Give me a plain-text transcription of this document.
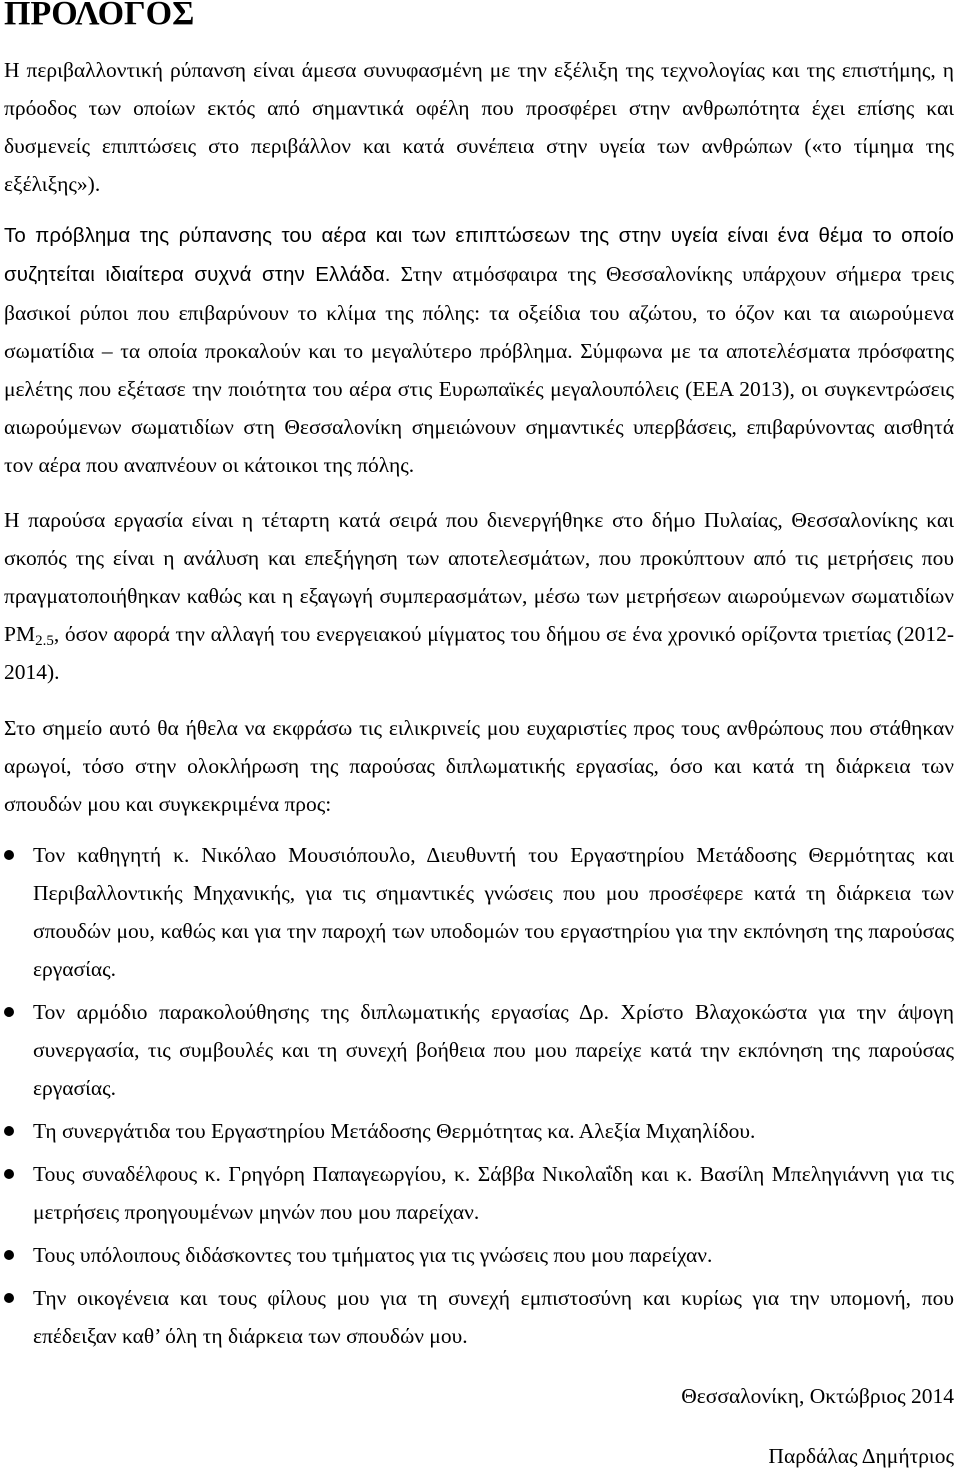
ΠΡΟΛΟΓΟΣ

Η περιβαλλοντική ρύπανση είναι άμεσα συνυφασμένη με την εξέλιξη της τεχνολογίας και της επιστήμης, η πρόοδος των οποίων εκτός από σημαντικά οφέλη που προσφέρει στην ανθρωπότητα έχει επίσης και δυσμενείς επιπτώσεις στο περιβάλλον και κατά συνέπεια στην υγεία των ανθρώπων («το τίμημα της εξέλιξης»).

Το πρόβλημα της ρύπανσης του αέρα και των επιπτώσεων της στην υγεία είναι ένα θέμα το οποίο συζητείται ιδιαίτερα συχνά στην Ελλάδα. Στην ατμόσφαιρα της Θεσσαλονίκης υπάρχουν σήμερα τρεις βασικοί ρύποι που επιβαρύνουν το κλίμα της πόλης: τα οξείδια του αζώτου, το όζον και τα αιωρούμενα σωματίδια – τα οποία προκαλούν και το μεγαλύτερο πρόβλημα. Σύμφωνα με τα αποτελέσματα πρόσφατης μελέτης που εξέτασε την ποιότητα του αέρα στις Ευρωπαϊκές μεγαλουπόλεις (ΕΕΑ 2013), οι συγκεντρώσεις αιωρούμενων σωματιδίων στη Θεσσαλονίκη σημειώνουν σημαντικές υπερβάσεις, επιβαρύνοντας αισθητά τον αέρα που αναπνέουν οι κάτοικοι της πόλης.

Η παρούσα εργασία είναι η τέταρτη κατά σειρά που διενεργήθηκε στο δήμο Πυλαίας, Θεσσαλονίκης και σκοπός της είναι η ανάλυση και επεξήγηση των αποτελεσμάτων, που προκύπτουν από τις μετρήσεις που πραγματοποιήθηκαν καθώς και η εξαγωγή συμπερασμάτων, μέσω των μετρήσεων αιωρούμενων σωματιδίων $PM_{2.5}$, όσον αφορά την αλλαγή του ενεργειακού μίγματος του δήμου σε ένα χρονικό ορίζοντα τριετίας (2012-2014).

Στο σημείο αυτό θα ήθελα να εκφράσω τις ειλικρινείς μου ευχαριστίες προς τους ανθρώπους που στάθηκαν αρωγοί, τόσο στην ολοκλήρωση της παρούσας διπλωματικής εργασίας, όσο και κατά τη διάρκεια των σπουδών μου και συγκεκριμένα προς:

Τον καθηγητή κ. Νικόλαο Μουσιόπουλο, Διευθυντή του Εργαστηρίου Μετάδοσης Θερμότητας και Περιβαλλοντικής Μηχανικής, για τις σημαντικές γνώσεις που μου προσέφερε κατά τη διάρκεια των σπουδών μου, καθώς και για την παροχή των υποδομών του εργαστηρίου για την εκπόνηση της παρούσας εργασίας.
Τον αρμόδιο παρακολούθησης της διπλωματικής εργασίας Δρ. Χρίστο Βλαχοκώστα για την άψογη συνεργασία, τις συμβουλές και τη συνεχή βοήθεια που μου παρείχε κατά την εκπόνηση της παρούσας εργασίας.
Τη συνεργάτιδα του Εργαστηρίου Μετάδοσης Θερμότητας κα. Αλεξία Μιχαηλίδου.
Τους συναδέλφους κ. Γρηγόρη Παπαγεωργίου, κ. Σάββα Νικολαΐδη και κ. Βασίλη Μπεληγιάννη για τις μετρήσεις προηγουμένων μηνών που μου παρείχαν.
Τους υπόλοιπους διδάσκοντες του τμήματος για τις γνώσεις που μου παρείχαν.
Την οικογένεια και τους φίλους μου για τη συνεχή εμπιστοσύνη και κυρίως για την υπομονή, που επέδειξαν καθ’ όλη τη διάρκεια των σπουδών μου.
Θεσσαλονίκη, Οκτώβριος 2014
Παρδάλας Δημήτριος
